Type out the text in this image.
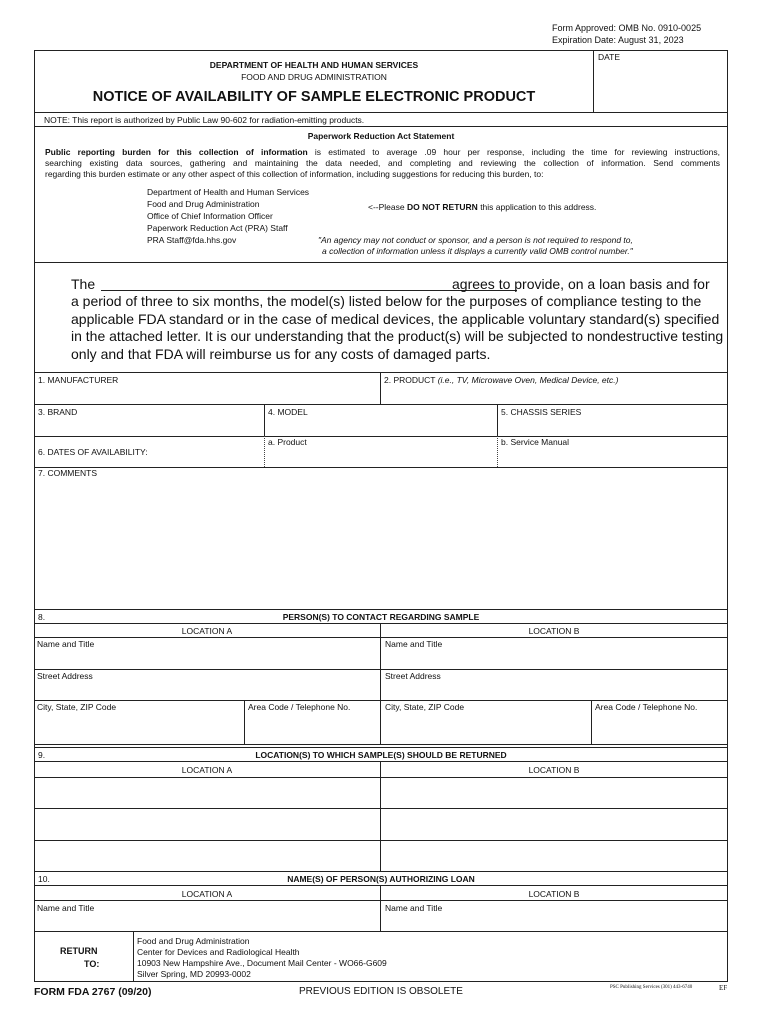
Form Approved: OMB No. 0910-0025
Expiration Date: August 31, 2023
DEPARTMENT OF HEALTH AND HUMAN SERVICES
FOOD AND DRUG ADMINISTRATION
NOTICE OF AVAILABILITY OF SAMPLE ELECTRONIC PRODUCT
DATE
NOTE: This report is authorized by Public Law 90-602 for radiation-emitting products.
Paperwork Reduction Act Statement
Public reporting burden for this collection of information is estimated to average .09 hour per response, including the time for reviewing instructions,
searching existing data sources, gathering and maintaining the data needed, and completing and reviewing the collection of information. Send comments
regarding this burden estimate or any other aspect of this collection of information, including suggestions for reducing this burden, to:
Department of Health and Human Services
Food and Drug Administration
Office of Chief Information Officer
Paperwork Reduction Act (PRA) Staff
PRA Staff@fda.hhs.gov
<--Please DO NOT RETURN this application to this address.
"An agency may not conduct or sponsor, and a person is not required to respond to,
a collection of information unless it displays a currently valid OMB control number."
The	agrees to provide, on a loan basis and for
a period of three to six months, the model(s) listed below for the purposes of compliance testing to the
applicable FDA standard or in the case of medical devices, the applicable voluntary standard(s) specified
in the attached letter. It is our understanding that the product(s) will be subjected to nondestructive testing
only and that FDA will reimburse us for any costs of damaged parts.
1. MANUFACTURER	2. PRODUCT (i.e., TV, Microwave Oven, Medical Device, etc.)
3. BRAND	4. MODEL	5. CHASSIS SERIES
6. DATES OF AVAILABILITY:
a. Product	b. Service Manual
7. COMMENTS
8.	PERSON(S) TO CONTACT REGARDING SAMPLE
LOCATION A	LOCATION B
Name and Title	Name and Title
Street Address	Street Address
City, State, ZIP Code	Area Code / Telephone No.	City, State, ZIP Code	Area Code / Telephone No.
9.	LOCATION(S) TO WHICH SAMPLE(S) SHOULD BE RETURNED
LOCATION A	LOCATION B
10.	NAME(S) OF PERSON(S) AUTHORIZING LOAN
LOCATION A	LOCATION B
Name and Title	Name and Title
RETURN
TO:
Food and Drug Administration
Center for Devices and Radiological Health
10903 New Hampshire Ave., Document Mail Center - WO66-G609
Silver Spring, MD 20993-0002
FORM FDA 2767 (09/20)	PREVIOUS EDITION IS OBSOLETE	PSC Publishing Services (301) 443-6740	EF
